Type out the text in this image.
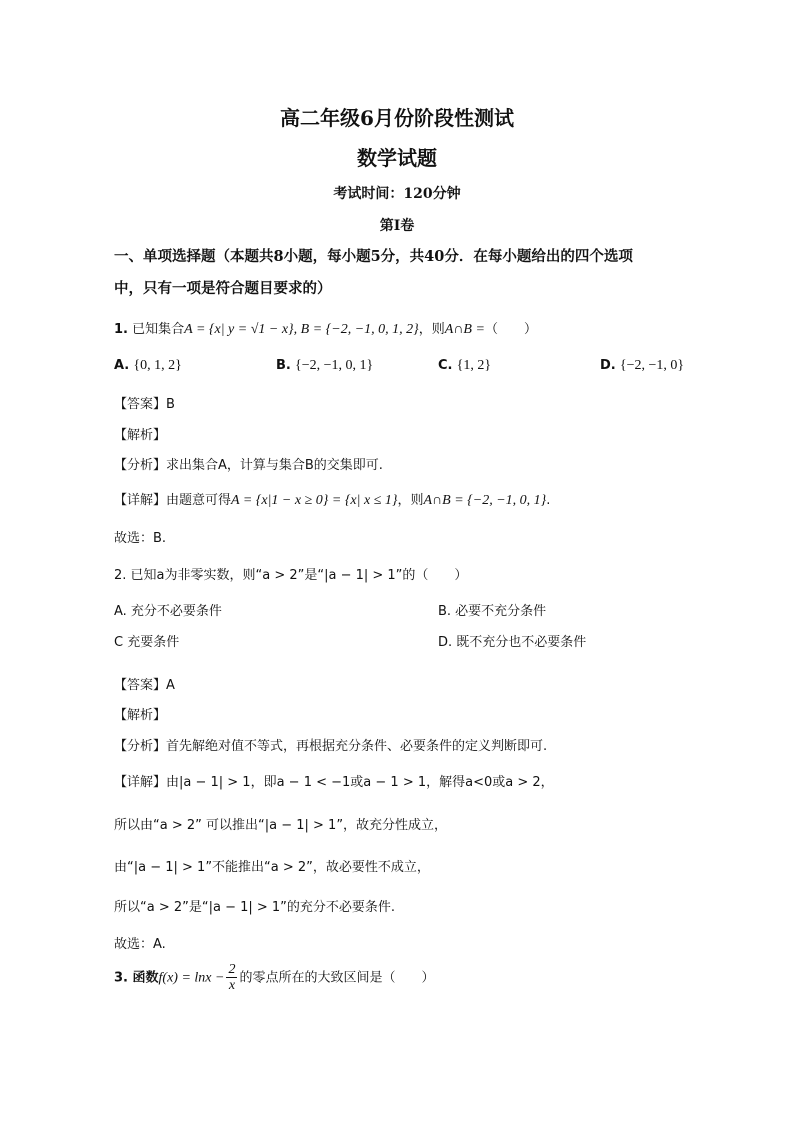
高二年级6月份阶段性测试
数学试题
考试时间：120分钟
第I卷
一、单项选择题（本题共8小题，每小题5分，共40分．在每小题给出的四个选项
中，只有一项是符合题目要求的）
1. 已知集合A = {x| y = √1 − x}, B = {−2, −1, 0, 1, 2}，则A∩B =（　　）
A. {0, 1, 2}	B. {−2, −1, 0, 1}	C. {1, 2}	D. {−2, −1, 0}
【答案】B
【解析】
【分析】求出集合A，计算与集合B的交集即可.
【详解】由题意可得A = {x|1 − x ≥ 0} = {x| x ≤ 1}，则A∩B = {−2, −1, 0, 1}.
故选：B.
2. 已知a为非零实数，则“a > 2”是“|a − 1| > 1”的（　　）
A. 充分不必要条件	B. 必要不充分条件
C 充要条件	D. 既不充分也不必要条件
【答案】A
【解析】
【分析】首先解绝对值不等式，再根据充分条件、必要条件的定义判断即可.
【详解】由|a − 1| > 1，即a − 1 < −1或a − 1 > 1，解得a<0或a > 2，
所以由“a > 2” 可以推出“|a − 1| > 1”，故充分性成立，
由“|a − 1| > 1”不能推出“a > 2”，故必要性不成立，
所以“a > 2”是“|a − 1| > 1”的充分不必要条件.
故选：A.
3. 函数$f(x) = \ln x - \frac{2}{x}$ 的零点所在的大致区间是（　　）
